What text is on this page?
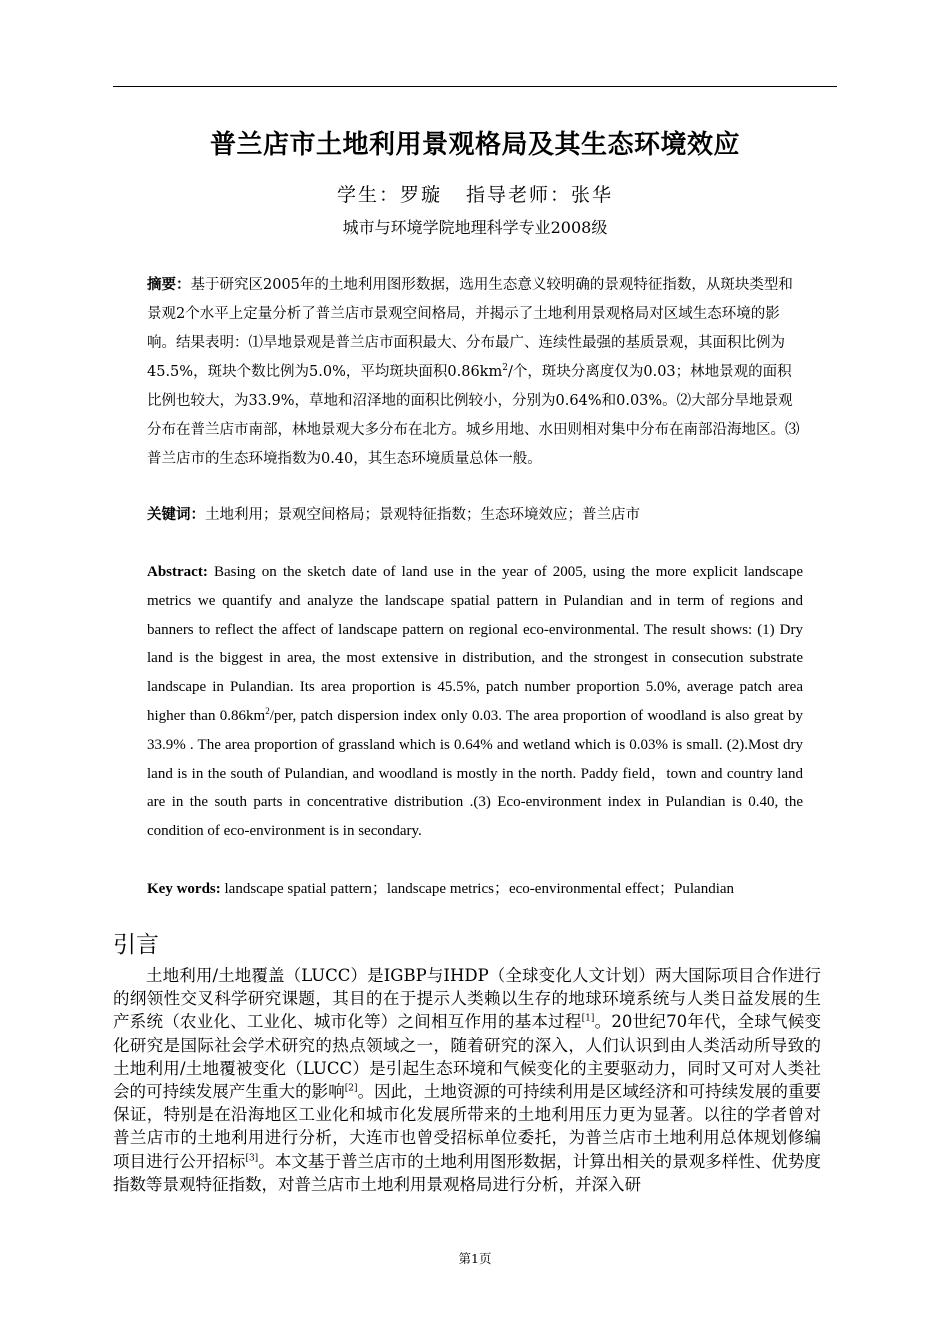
普兰店市土地利用景观格局及其生态环境效应
学生：罗璇 指导老师：张华
城市与环境学院地理科学专业2008级
摘要：基于研究区2005年的土地利用图形数据，选用生态意义较明确的景观特征指数，从斑块类型和景观2个水平上定量分析了普兰店市景观空间格局，并揭示了土地利用景观格局对区域生态环境的影响。结果表明：⑴旱地景观是普兰店市面积最大、分布最广、连续性最强的基质景观，其面积比例为45.5%，斑块个数比例为5.0%，平均斑块面积$0.86km^2/$个，斑块分离度仅为0.03；林地景观的面积比例也较大，为33.9%，草地和沼泽地的面积比例较小，分别为0.64%和0.03%。⑵大部分旱地景观分布在普兰店市南部，林地景观大多分布在北方。城乡用地、水田则相对集中分布在南部沿海地区。⑶普兰店市的生态环境指数为0.40，其生态环境质量总体一般。
关键词：土地利用；景观空间格局；景观特征指数；生态环境效应；普兰店市
Abstract: Basing on the sketch date of land use in the year of 2005, using the more explicit landscape metrics we quantify and analyze the landscape spatial pattern in Pulandian and in term of regions and banners to reflect the affect of landscape pattern on regional eco-environmental. The result shows: (1) Dry land is the biggest in area, the most extensive in distribution, and the strongest in consecution substrate landscape in Pulandian. Its area proportion is 45.5%, patch number proportion 5.0%, average patch area higher than $0.86km^2$/per, patch dispersion index only 0.03. The area proportion of woodland is also great by 33.9% . The area proportion of grassland which is 0.64% and wetland which is 0.03% is small. (2).Most dry land is in the south of Pulandian, and woodland is mostly in the north. Paddy field，town and country land are in the south parts in concentrative distribution .(3) Eco-environment index in Pulandian is 0.40, the condition of eco-environment is in secondary.
Key words: landscape spatial pattern；landscape metrics；eco-environmental effect；Pulandian
引言
土地利用/土地覆盖（LUCC）是IGBP与IHDP（全球变化人文计划）两大国际项目合作进行的纲领性交叉科学研究课题，其目的在于提示人类赖以生存的地球环境系统与人类日益发展的生产系统（农业化、工业化、城市化等）之间相互作用的基本过程[1]。20世纪70年代，全球气候变化研究是国际社会学术研究的热点领域之一，随着研究的深入，人们认识到由人类活动所导致的土地利用/土地覆被变化（LUCC）是引起生态环境和气候变化的主要驱动力，同时又可对人类社会的可持续发展产生重大的影响[2]。因此，土地资源的可持续利用是区域经济和可持续发展的重要保证，特别是在沿海地区工业化和城市化发展所带来的土地利用压力更为显著。以往的学者曾对普兰店市的土地利用进行分析，大连市也曾受招标单位委托，为普兰店市土地利用总体规划修编项目进行公开招标[3]。本文基于普兰店市的土地利用图形数据，计算出相关的景观多样性、优势度指数等景观特征指数，对普兰店市土地利用景观格局进行分析，并深入研
第1页
